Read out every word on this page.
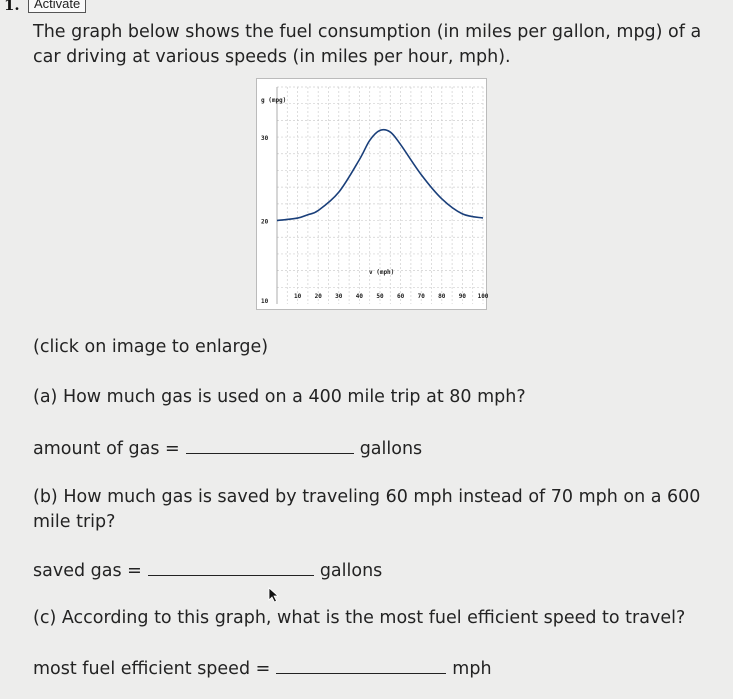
1.	Activate
The graph below shows the fuel consumption (in miles per gallon, mpg) of a
car driving at various speeds (in miles per hour, mph).
10
20
30
10 20 30 40 50 60 70 80 90 100
g (mpg)
v (mph)
(click on image to enlarge)
(a) How much gas is used on a 400 mile trip at 80 mph?
amount of gas =	gallons
(b) How much gas is saved by traveling 60 mph instead of 70 mph on a 600
mile trip?
saved gas =	gallons
(c) According to this graph, what is the most fuel efficient speed to travel?
most fuel efficient speed =	mph
